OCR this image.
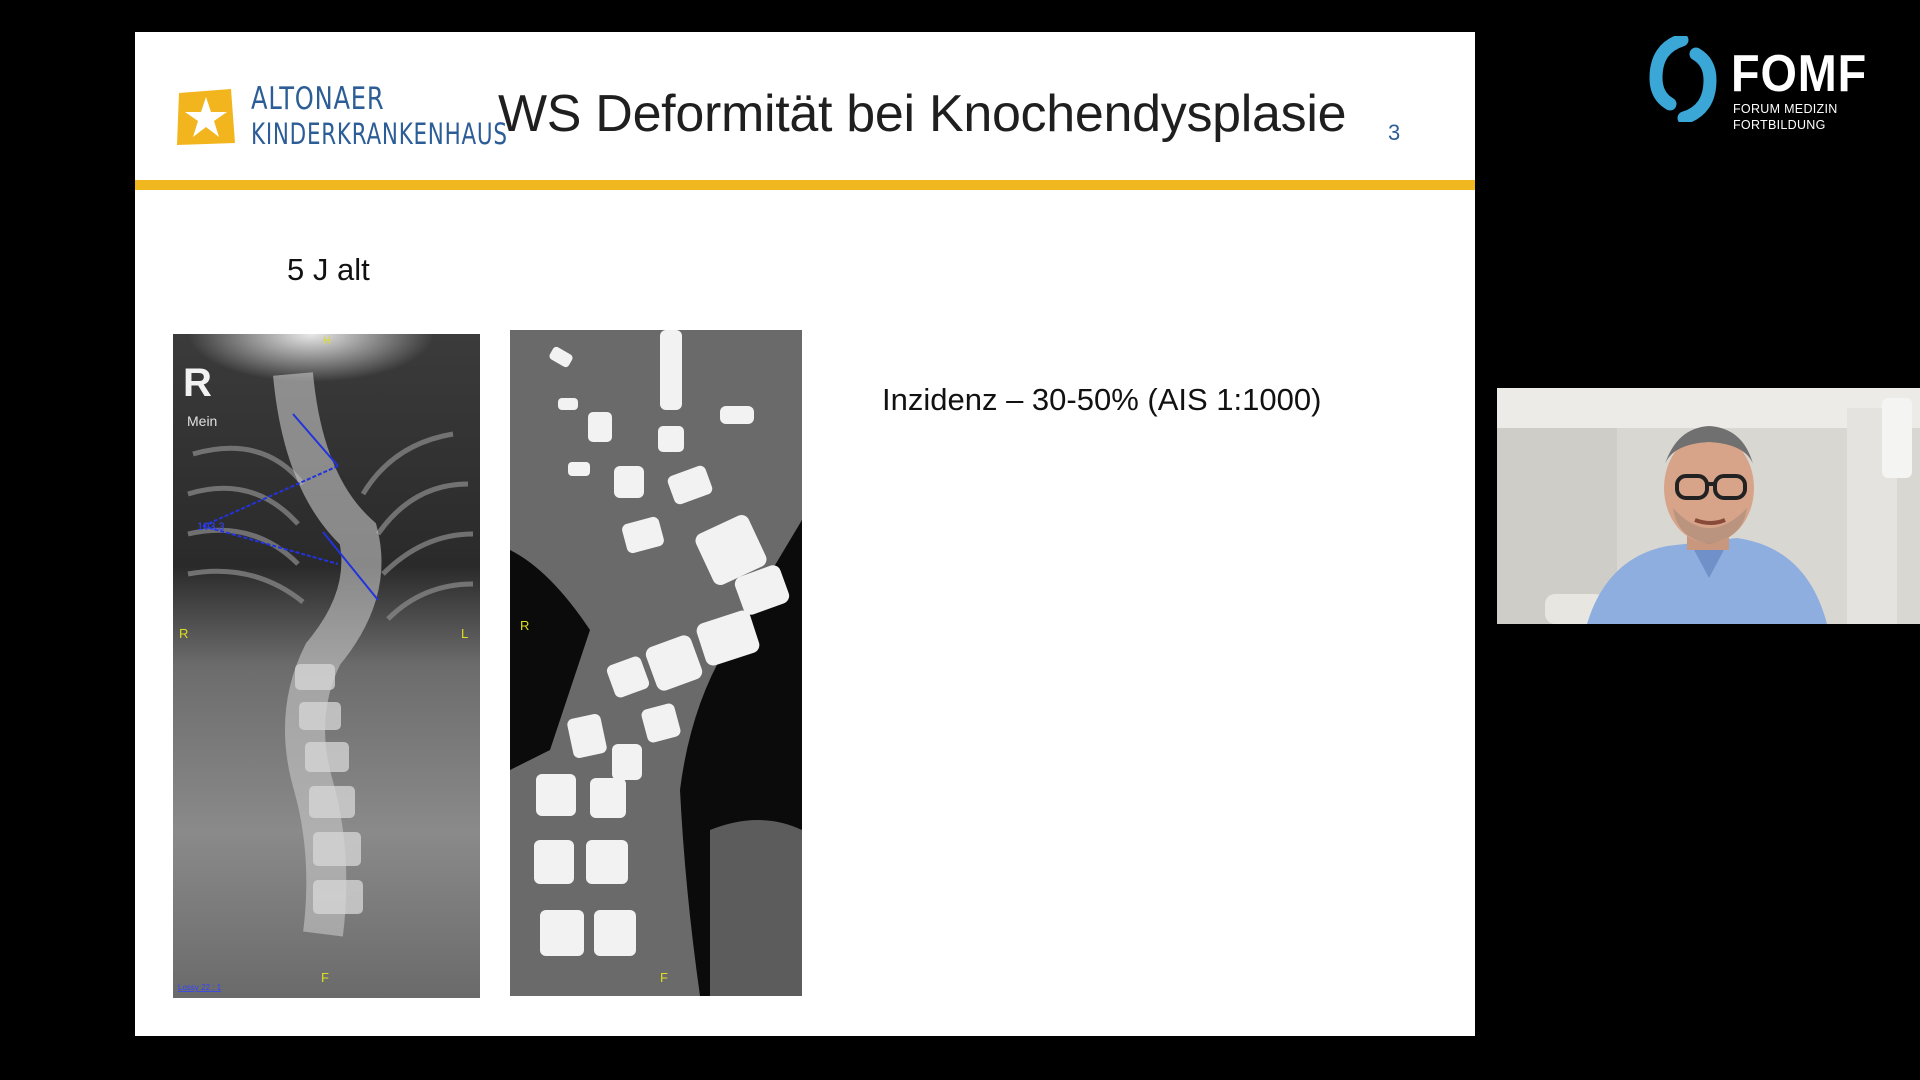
ALTONAER
KINDERKRANKENHAUS
WS Deformität bei Knochendysplasie 3
5 J alt
103.3
R
Mein
H
R	L
F
Lossy 22 : 1
R
F
Inzidenz – 30-50% (AIS 1:1000)
FOMF
FORUM MEDIZIN
FORTBILDUNG
